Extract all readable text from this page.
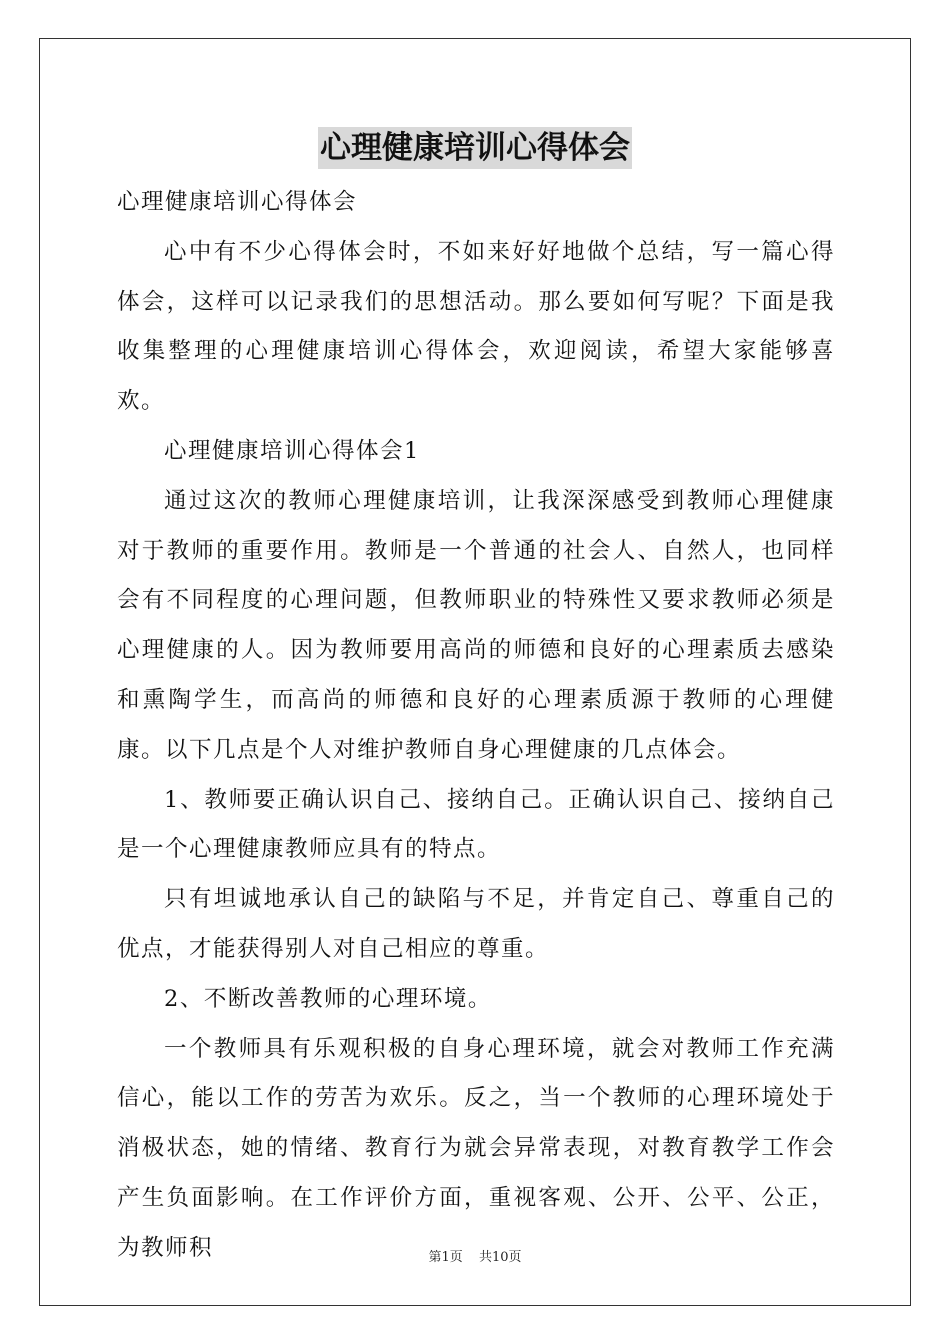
心理健康培训心得体会

心理健康培训心得体会

心中有不少心得体会时，不如来好好地做个总结，写一篇心得体会，这样可以记录我们的思想活动。那么要如何写呢？下面是我收集整理的心理健康培训心得体会，欢迎阅读，希望大家能够喜欢。

心理健康培训心得体会1

通过这次的教师心理健康培训，让我深深感受到教师心理健康对于教师的重要作用。教师是一个普通的社会人、自然人，也同样会有不同程度的心理问题，但教师职业的特殊性又要求教师必须是心理健康的人。因为教师要用高尚的师德和良好的心理素质去感染和熏陶学生，而高尚的师德和良好的心理素质源于教师的心理健康。以下几点是个人对维护教师自身心理健康的几点体会。

1、教师要正确认识自己、接纳自己。正确认识自己、接纳自己是一个心理健康教师应具有的特点。

只有坦诚地承认自己的缺陷与不足，并肯定自己、尊重自己的优点，才能获得别人对自己相应的尊重。

2、不断改善教师的心理环境。

一个教师具有乐观积极的自身心理环境，就会对教师工作充满信心，能以工作的劳苦为欢乐。反之，当一个教师的心理环境处于消极状态，她的情绪、教育行为就会异常表现，对教育教学工作会产生负面影响。在工作评价方面，重视客观、公开、公平、公正，为教师积	第1页 共10页
